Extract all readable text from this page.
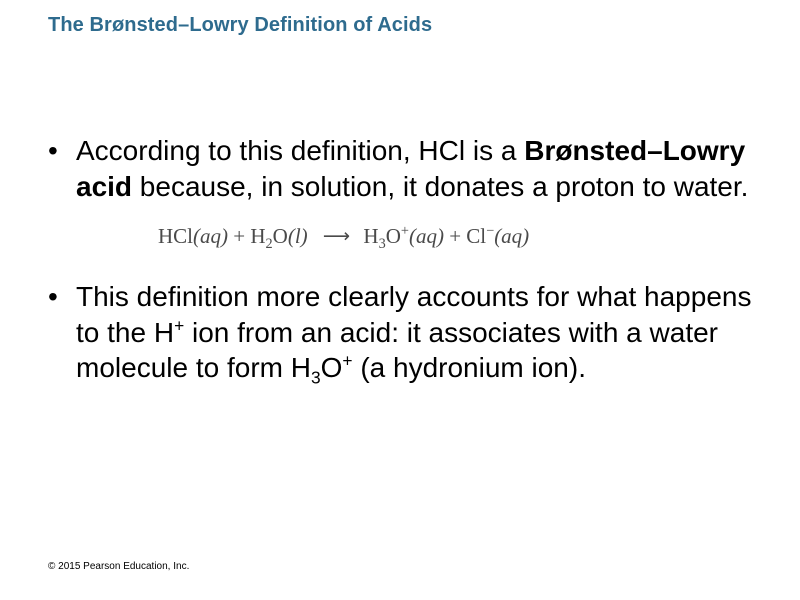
The Brønsted–Lowry Definition of Acids
• According to this definition, HCl is a Brønsted–Lowry acid because, in solution, it donates a proton to water.
$HCl(aq) + H_2O(l)$ ⟶ $H_3O^+(aq) + Cl^-(aq)$
• This definition more clearly accounts for what happens to the H+ ion from an acid: it associates with a water molecule to form $H_3O^+$ (a hydronium ion).
© 2015 Pearson Education, Inc.
